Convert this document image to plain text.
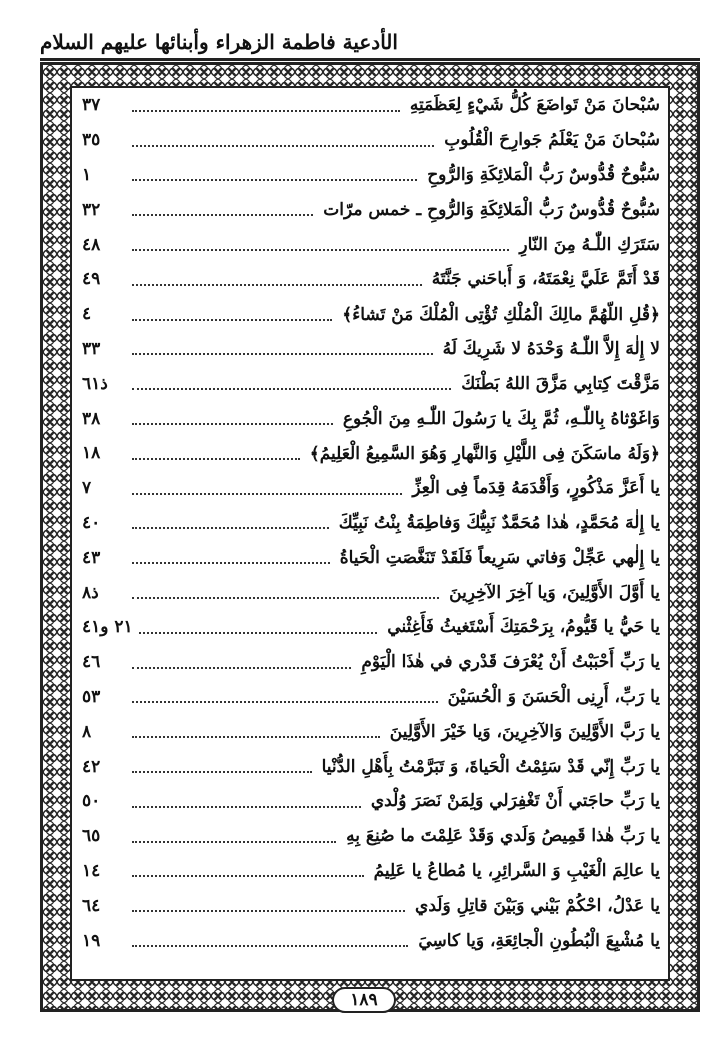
الأدعية فاطمة الزهراء وأبنائها عليهم السلام
سُبْحانَ مَنْ تَواضَعَ كُلُّ شَيْءٍ لِعَظَمَتِهِ
٣٧
سُبْحانَ مَنْ يَعْلَمُ جَوارِحَ الْقُلُوبِ
٣٥
سُبُّوحٌ قُدُّوسٌ رَبُّ الْمَلائِكَةِ وَالرُّوحِ
١
سُبُّوحٌ قُدُّوسٌ رَبُّ الْمَلائِكَةِ وَالرُّوحِ ـ خمس مرّات
٣٢
سَتَرَكِ اللّٰـهُ مِنَ النّارِ
٤٨
قَدْ أَتَمَّ عَلَيَّ نِعْمَتَهُ، وَ أَباحَني جَنَّتَهُ
٤٩
﴿قُلِ اللّهُمَّ مالِكَ الْمُلْكِ تُؤْتِى الْمُلْكَ مَنْ تَشاءُ﴾
٤
لا إِلٰهَ إِلاَّ اللّٰـهُ وَحْدَهُ لا شَرِيكَ لَهُ
٣٣
مَزَّقْتَ كِتابِي مَزَّقَ اللهُ بَطْنَكَ
ذ٦١
وَاغَوْثاهُ بِاللّٰـهِ، ثُمَّ بِكَ يا رَسُولَ اللّٰـهِ مِنَ الْجُوعِ
٣٨
﴿وَلَهُ ماسَكَنَ فِى اللَّيْلِ وَالنَّهارِ وَهُوَ السَّمِيعُ الْعَلِيمُ﴾
١٨
يا أَعَزَّ مَذْكُورٍ، وَأَقْدَمَهُ قِدَماً فِى الْعِزِّ
٧
يا إِلٰهَ مُحَمَّدٍ، هٰذا مُحَمَّدٌ نَبِيُّكَ وَفاطِمَةُ بِنْتُ نَبِيِّكَ
٤٠
يا إِلٰهي عَجِّلْ وَفاتي سَرِيعاً فَلَقَدْ تَنَغَّصَتِ الْحَياةُ
٤٣
يا أَوَّلَ الأَوَّلِينَ، وَيا آخِرَ الآخِرِينَ
ذ٨
يا حَيُّ يا قَيُّومُ، بِرَحْمَتِكَ أَسْتَغيثُ فَأَغِثْني
٢١ و٤١
يا رَبِّ أَحْبَبْتُ أَنْ يُعْرَفَ قَدْري في هٰذَا الْيَوْمِ
٤٦
يا رَبِّ، أَرِنِى الْحَسَنَ وَ الْحُسَيْنَ
٥٣
يا رَبَّ الأَوَّلِينَ وَالآخِرِينَ، وَيا خَيْرَ الأَوَّلِينَ
٨
يا رَبِّ إِنّي قَدْ سَئِمْتُ الْحَياةَ، وَ تَبَرَّمْتُ بِأَهْلِ الدُّنْيا
٤٢
يا رَبِّ حاجَتي أَنْ تَغْفِرَلي وَلِمَنْ نَصَرَ وُلْدي
٥٠
يا رَبِّ هٰذا قَمِيصُ وَلَدي وَقَدْ عَلِمْتَ ما صُنِعَ بِهِ
٦٥
يا عالِمَ الْغَيْبِ وَ السَّرائِرِ، يا مُطاعُ يا عَلِيمُ
١٤
يا عَدْلُ، احْكُمْ بَيْني وَبَيْنَ قاتِلِ وَلَدي
٦٤
يا مُشْبِعَ الْبُطُونِ الْجائِعَةِ، وَيا كاسِيَ
١٩
١٨٩
